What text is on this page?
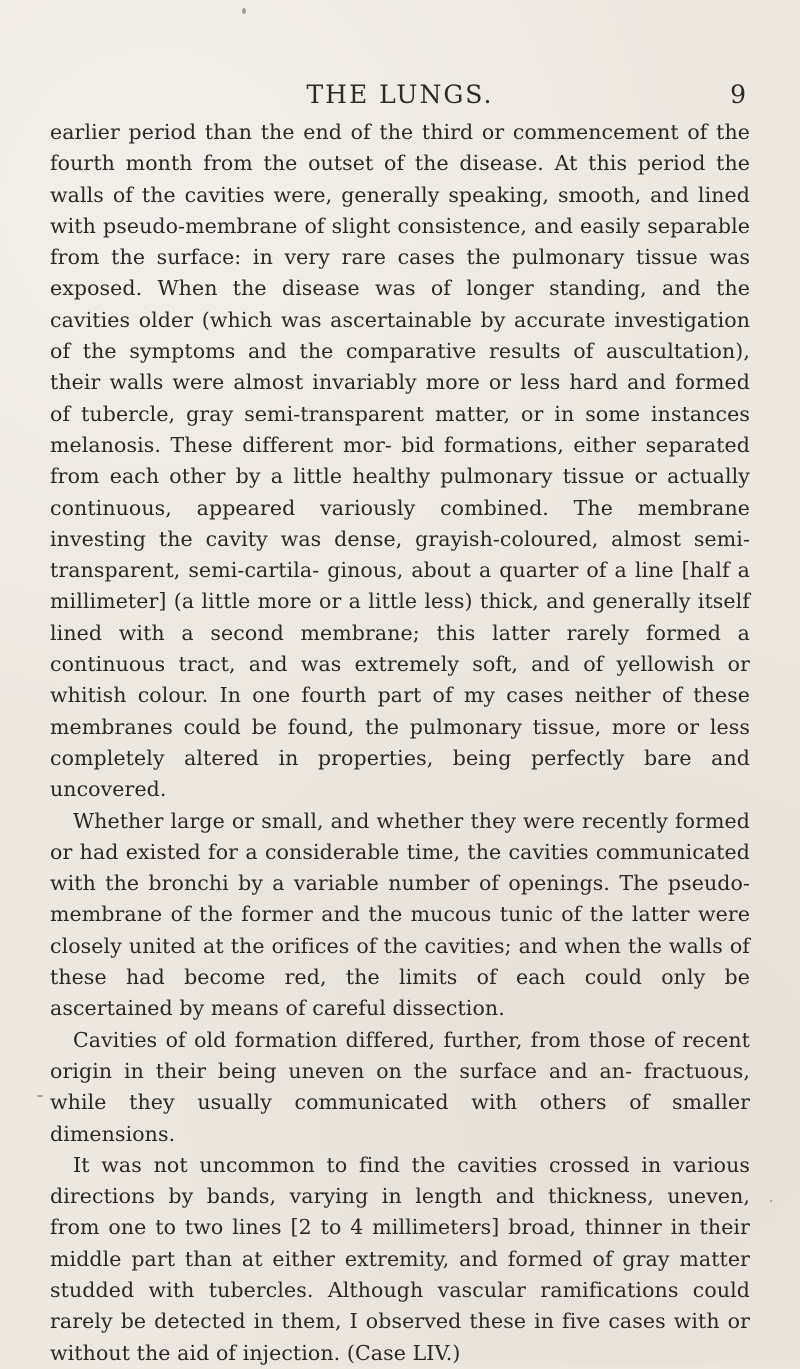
THE LUNGS.	9

earlier period than the end of the third or commencement of the fourth month from the outset of the disease. At this period the walls of the cavities were, generally speaking, smooth, and lined with pseudo-membrane of slight consistence, and easily separable from the surface: in very rare cases the pulmonary tissue was exposed. When the disease was of longer standing, and the cavities older (which was ascertainable by accurate investigation of the symptoms and the comparative results of auscultation), their walls were almost invariably more or less hard and formed of tubercle, gray semi-transparent matter, or in some instances melanosis. These different mor- bid formations, either separated from each other by a little healthy pulmonary tissue or actually continuous, appeared variously combined. The membrane investing the cavity was dense, grayish-coloured, almost semi-transparent, semi-cartila- ginous, about a quarter of a line [half a millimeter] (a little more or a little less) thick, and generally itself lined with a second membrane; this latter rarely formed a continuous tract, and was extremely soft, and of yellowish or whitish colour. In one fourth part of my cases neither of these membranes could be found, the pulmonary tissue, more or less completely altered in properties, being perfectly bare and uncovered.

Whether large or small, and whether they were recently formed or had existed for a considerable time, the cavities communicated with the bronchi by a variable number of openings. The pseudo-membrane of the former and the mucous tunic of the latter were closely united at the orifices of the cavities; and when the walls of these had become red, the limits of each could only be ascertained by means of careful dissection.

Cavities of old formation differed, further, from those of recent origin in their being uneven on the surface and an- fractuous, while they usually communicated with others of smaller dimensions.

It was not uncommon to find the cavities crossed in various directions by bands, varying in length and thickness, uneven, from one to two lines [2 to 4 millimeters] broad, thinner in their middle part than at either extremity, and formed of gray matter studded with tubercles. Although vascular ramifications could rarely be detected in them, I observed these in five cases with or without the aid of injection. (Case LIV.)
